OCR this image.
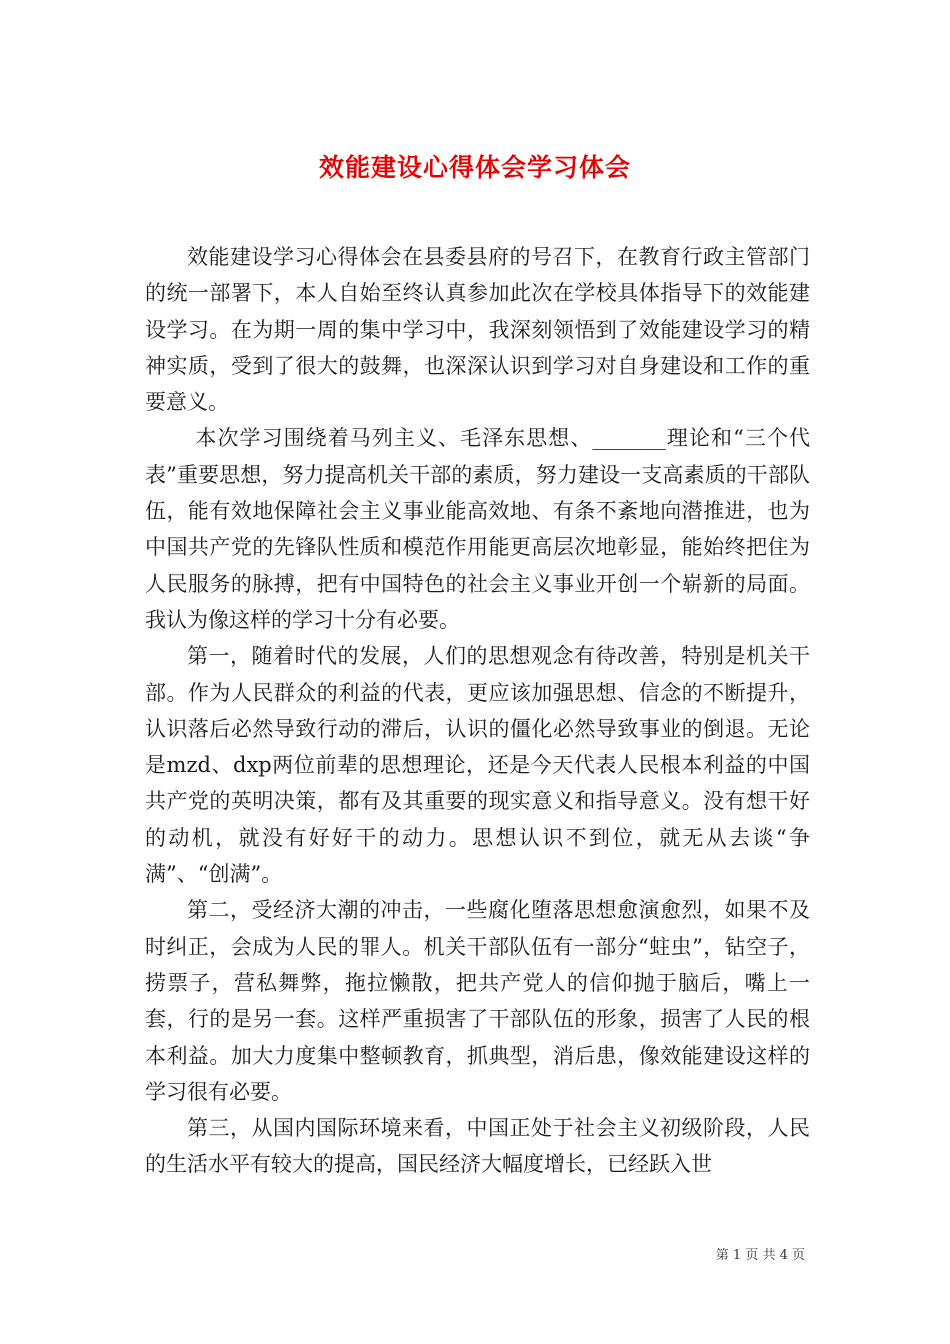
效能建设心得体会学习体会

效能建设学习心得体会在县委县府的号召下，在教育行政主管部门的统一部署下，本人自始至终认真参加此次在学校具体指导下的效能建设学习。在为期一周的集中学习中，我深刻领悟到了效能建设学习的精神实质，受到了很大的鼓舞，也深深认识到学习对自身建设和工作的重要意义。

本次学习围绕着马列主义、毛泽东思想、_______理论和“三个代表”重要思想，努力提高机关干部的素质，努力建设一支高素质的干部队伍，能有效地保障社会主义事业能高效地、有条不紊地向潜推进，也为中国共产党的先锋队性质和模范作用能更高层次地彰显，能始终把住为人民服务的脉搏，把有中国特色的社会主义事业开创一个崭新的局面。我认为像这样的学习十分有必要。

第一，随着时代的发展，人们的思想观念有待改善，特别是机关干部。作为人民群众的利益的代表，更应该加强思想、信念的不断提升，认识落后必然导致行动的滞后，认识的僵化必然导致事业的倒退。无论是mzd、dxp两位前辈的思想理论，还是今天代表人民根本利益的中国共产党的英明决策，都有及其重要的现实意义和指导意义。没有想干好的动机，就没有好好干的动力。思想认识不到位，就无从去谈“争满”、“创满”。

第二，受经济大潮的冲击，一些腐化堕落思想愈演愈烈，如果不及时纠正，会成为人民的罪人。机关干部队伍有一部分“蛀虫”，钻空子，捞票子，营私舞弊，拖拉懒散，把共产党人的信仰抛于脑后，嘴上一套，行的是另一套。这样严重损害了干部队伍的形象，损害了人民的根本利益。加大力度集中整顿教育，抓典型，消后患，像效能建设这样的学习很有必要。

第三，从国内国际环境来看，中国正处于社会主义初级阶段，人民的生活水平有较大的提高，国民经济大幅度增长，已经跃入世

第 1 页 共 4 页
